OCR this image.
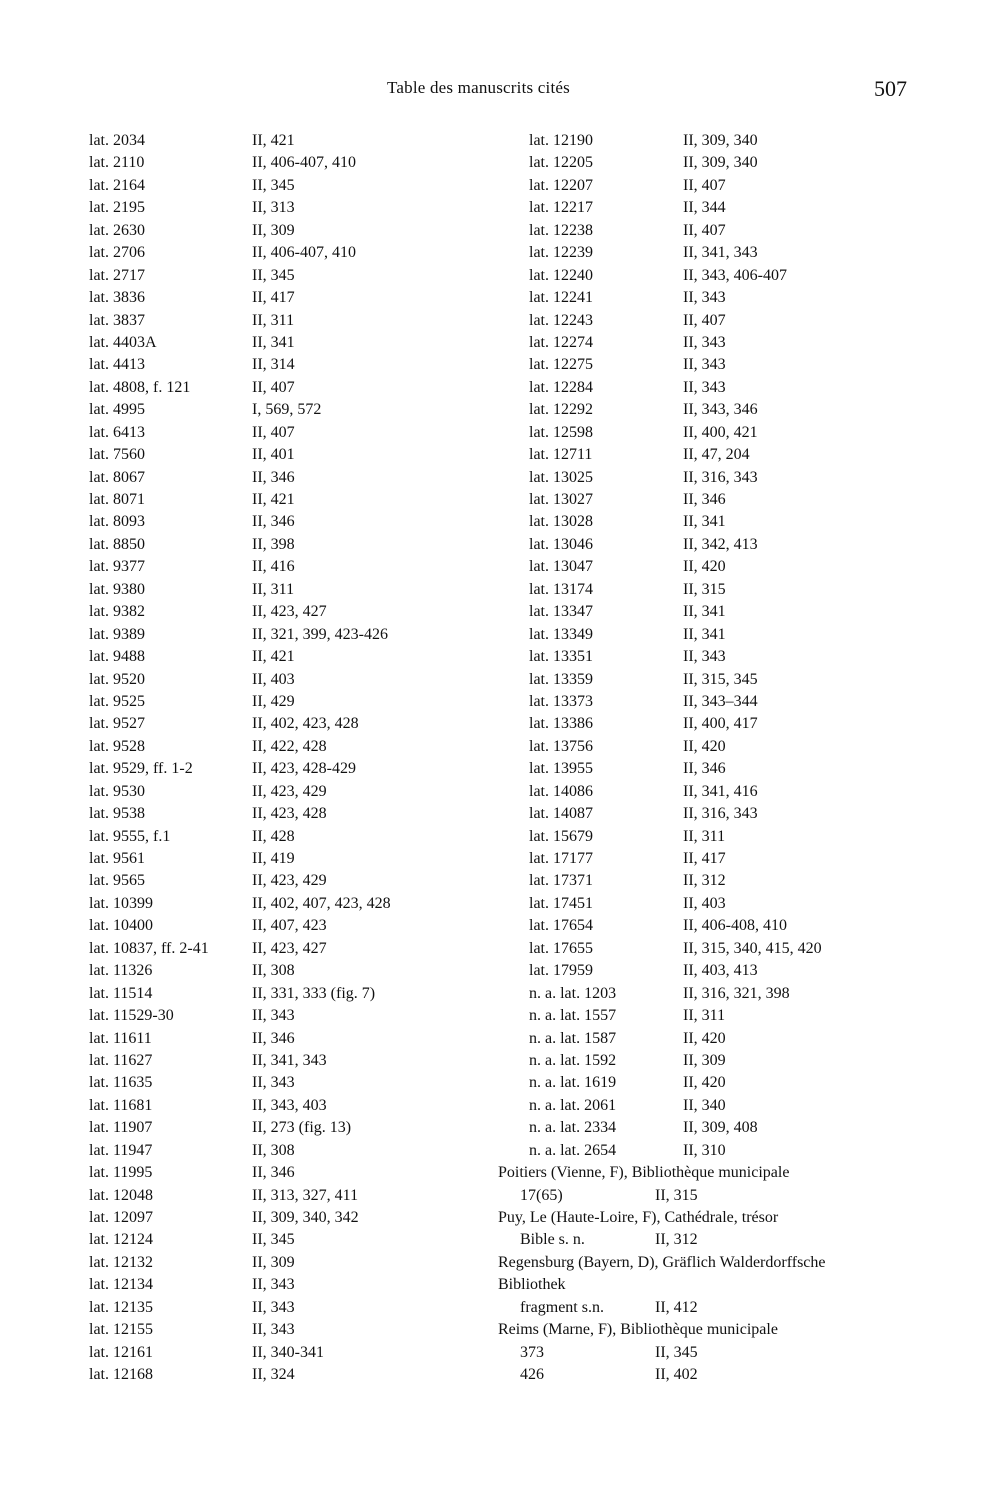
Table des manuscrits cités	507
lat. 2034	II, 421
lat. 2110	II, 406-407, 410
lat. 2164	II, 345
lat. 2195	II, 313
lat. 2630	II, 309
lat. 2706	II, 406-407, 410
lat. 2717	II, 345
lat. 3836	II, 417
lat. 3837	II, 311
lat. 4403A	II, 341
lat. 4413	II, 314
lat. 4808, f. 121	II, 407
lat. 4995	I, 569, 572
lat. 6413	II, 407
lat. 7560	II, 401
lat. 8067	II, 346
lat. 8071	II, 421
lat. 8093	II, 346
lat. 8850	II, 398
lat. 9377	II, 416
lat. 9380	II, 311
lat. 9382	II, 423, 427
lat. 9389	II, 321, 399, 423-426
lat. 9488	II, 421
lat. 9520	II, 403
lat. 9525	II, 429
lat. 9527	II, 402, 423, 428
lat. 9528	II, 422, 428
lat. 9529, ff. 1-2	II, 423, 428-429
lat. 9530	II, 423, 429
lat. 9538	II, 423, 428
lat. 9555, f.1	II, 428
lat. 9561	II, 419
lat. 9565	II, 423, 429
lat. 10399	II, 402, 407, 423, 428
lat. 10400	II, 407, 423
lat. 10837, ff. 2-41	II, 423, 427
lat. 11326	II, 308
lat. 11514	II, 331, 333 (fig. 7)
lat. 11529-30	II, 343
lat. 11611	II, 346
lat. 11627	II, 341, 343
lat. 11635	II, 343
lat. 11681	II, 343, 403
lat. 11907	II, 273 (fig. 13)
lat. 11947	II, 308
lat. 11995	II, 346
lat. 12048	II, 313, 327, 411
lat. 12097	II, 309, 340, 342
lat. 12124	II, 345
lat. 12132	II, 309
lat. 12134	II, 343
lat. 12135	II, 343
lat. 12155	II, 343
lat. 12161	II, 340-341
lat. 12168	II, 324
lat. 12190	II, 309, 340
lat. 12205	II, 309, 340
lat. 12207	II, 407
lat. 12217	II, 344
lat. 12238	II, 407
lat. 12239	II, 341, 343
lat. 12240	II, 343, 406-407
lat. 12241	II, 343
lat. 12243	II, 407
lat. 12274	II, 343
lat. 12275	II, 343
lat. 12284	II, 343
lat. 12292	II, 343, 346
lat. 12598	II, 400, 421
lat. 12711	II, 47, 204
lat. 13025	II, 316, 343
lat. 13027	II, 346
lat. 13028	II, 341
lat. 13046	II, 342, 413
lat. 13047	II, 420
lat. 13174	II, 315
lat. 13347	II, 341
lat. 13349	II, 341
lat. 13351	II, 343
lat. 13359	II, 315, 345
lat. 13373	II, 343–344
lat. 13386	II, 400, 417
lat. 13756	II, 420
lat. 13955	II, 346
lat. 14086	II, 341, 416
lat. 14087	II, 316, 343
lat. 15679	II, 311
lat. 17177	II, 417
lat. 17371	II, 312
lat. 17451	II, 403
lat. 17654	II, 406-408, 410
lat. 17655	II, 315, 340, 415, 420
lat. 17959	II, 403, 413
n. a. lat. 1203	II, 316, 321, 398
n. a. lat. 1557	II, 311
n. a. lat. 1587	II, 420
n. a. lat. 1592	II, 309
n. a. lat. 1619	II, 420
n. a. lat. 2061	II, 340
n. a. lat. 2334	II, 309, 408
n. a. lat. 2654	II, 310
Poitiers (Vienne, F), Bibliothèque municipale
17(65)	II, 315
Puy, Le (Haute-Loire, F), Cathédrale, trésor
Bible s. n.	II, 312
Regensburg (Bayern, D), Gräflich Walderdorffsche
Bibliothek
fragment s.n.	II, 412
Reims (Marne, F), Bibliothèque municipale
373	II, 345
426	II, 402
